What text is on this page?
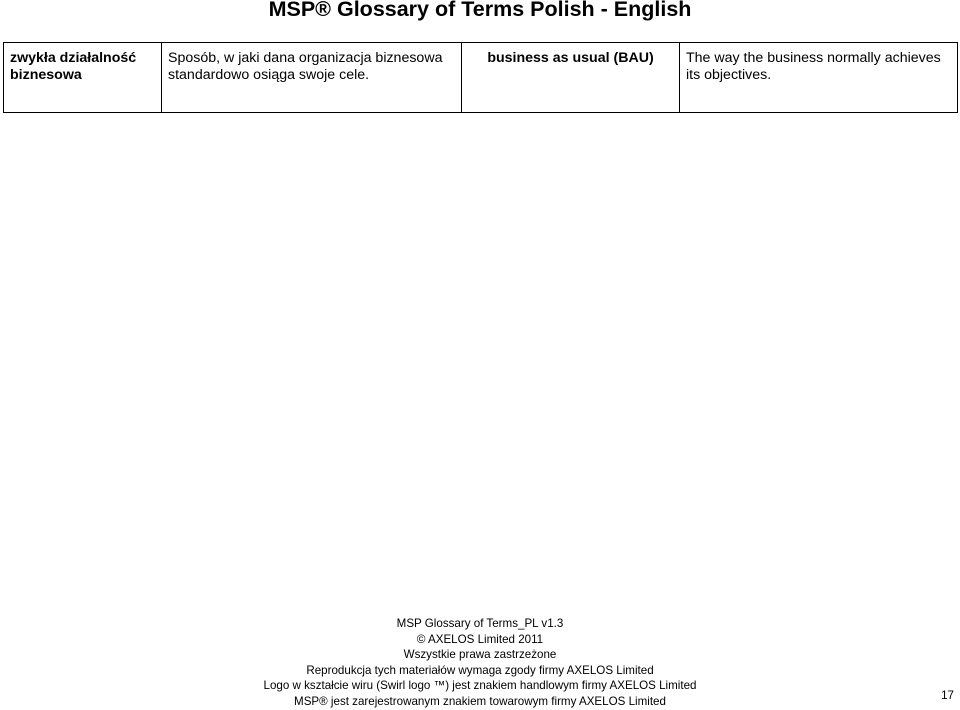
MSP® Glossary of Terms Polish - English
zwykła działalność biznesowa	Sposób, w jaki dana organizacja biznesowa standardowo osiąga swoje cele.	business as usual (BAU)	The way the business normally achieves its objectives.
MSP Glossary of Terms_PL v1.3
© AXELOS Limited 2011
Wszystkie prawa zastrzeżone
Reprodukcja tych materiałów wymaga zgody firmy AXELOS Limited
Logo w kształcie wiru (Swirl logo ™) jest znakiem handlowym firmy AXELOS Limited
MSP® jest zarejestrowanym znakiem towarowym firmy AXELOS Limited	17
